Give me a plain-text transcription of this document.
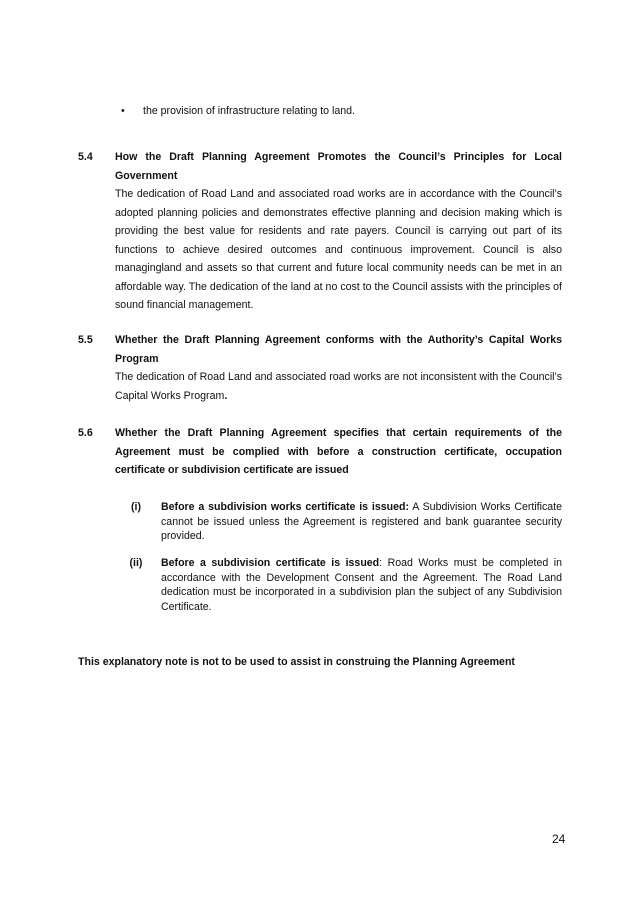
• the provision of infrastructure relating to land.
5.4 How the Draft Planning Agreement Promotes the Council’s Principles for Local Government
The dedication of Road Land and associated road works are in accordance with the Council’s adopted planning policies and demonstrates effective planning and decision making which is providing the best value for residents and rate payers. Council is carrying out part of its functions to achieve desired outcomes and continuous improvement. Council is also managingland and assets so that current and future local community needs can be met in an affordable way. The dedication of the land at no cost to the Council assists with the principles of sound financial management.
5.5 Whether the Draft Planning Agreement conforms with the Authority’s Capital Works Program
The dedication of Road Land and associated road works are not inconsistent with the Council’s Capital Works Program.
5.6 Whether the Draft Planning Agreement specifies that certain requirements of the Agreement must be complied with before a construction certificate, occupation certificate or subdivision certificate are issued
(i)	Before a subdivision works certificate is issued: A Subdivision Works Certificate cannot be issued unless the Agreement is registered and bank guarantee security provided.
(ii)	Before a subdivision certificate is issued: Road Works must be completed in accordance with the Development Consent and the Agreement. The Road Land dedication must be incorporated in a subdivision plan the subject of any Subdivision Certificate.
This explanatory note is not to be used to assist in construing the Planning Agreement
24
